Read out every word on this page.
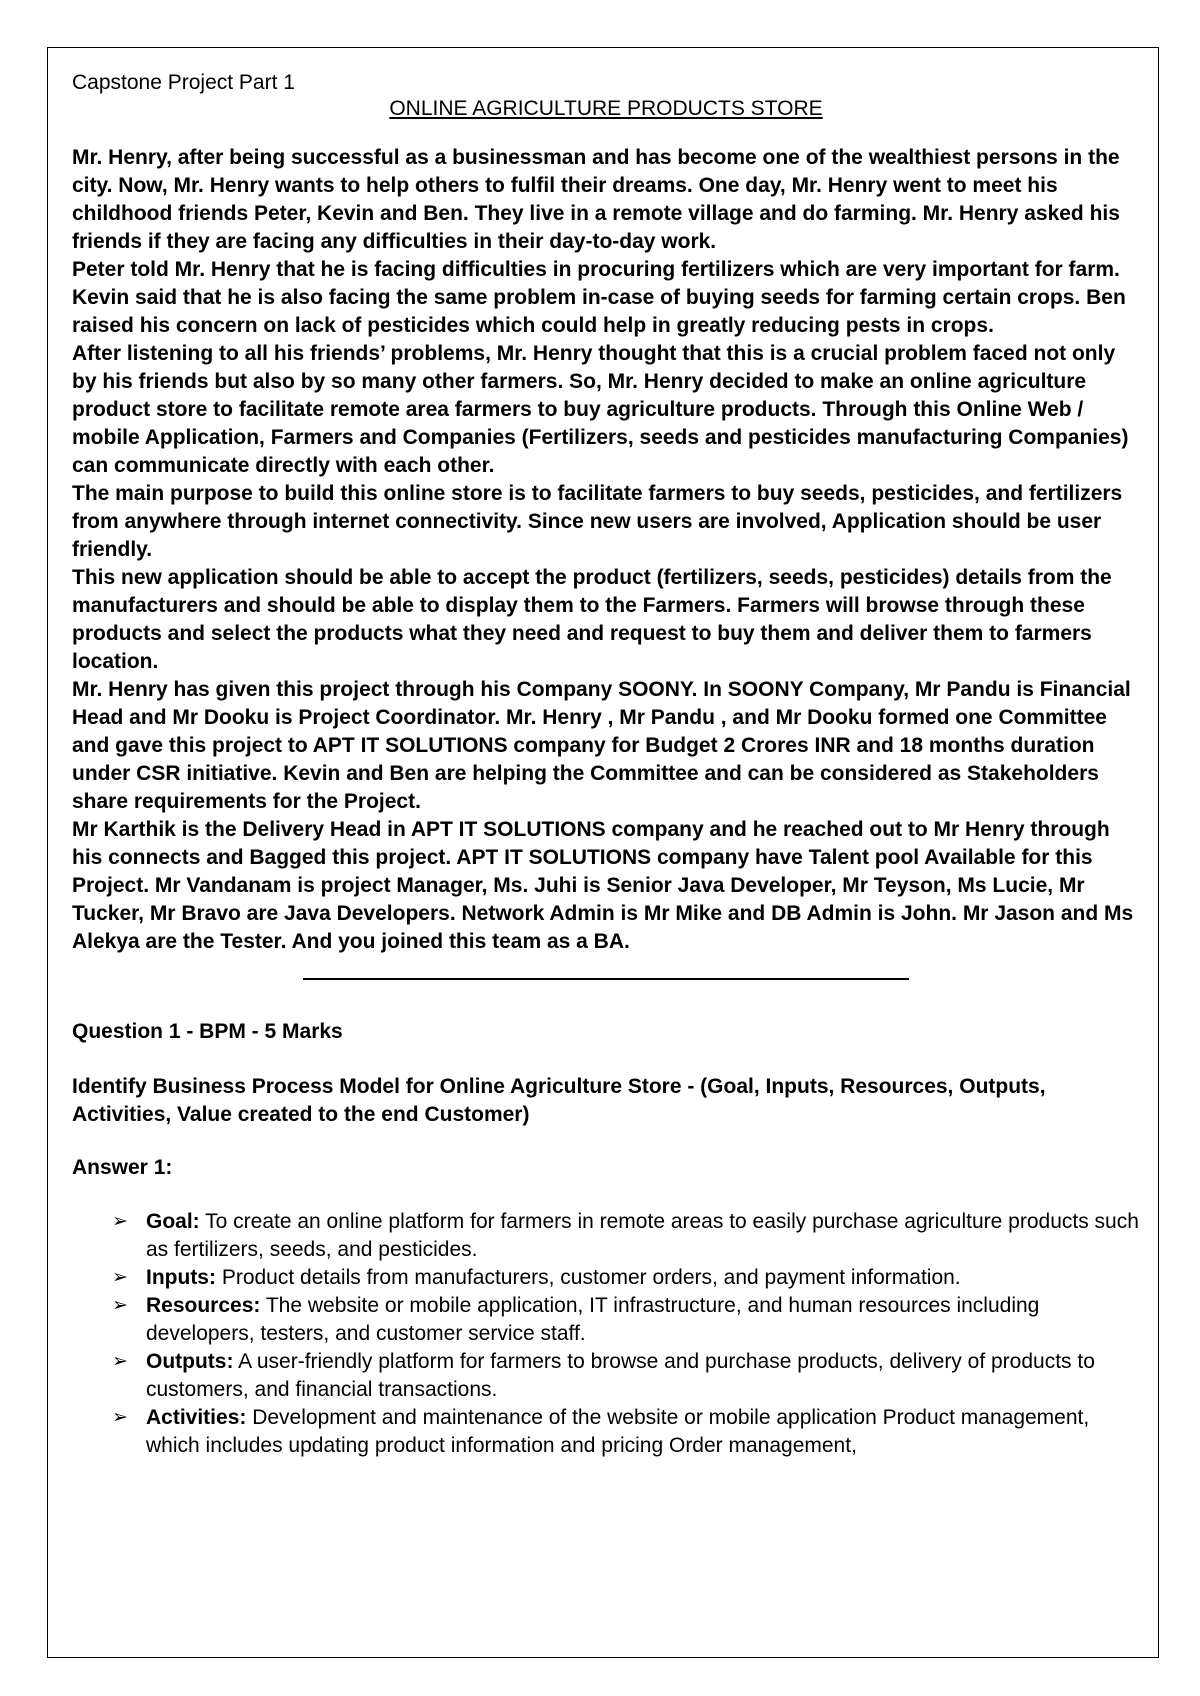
Capstone Project Part 1

ONLINE AGRICULTURE PRODUCTS STORE

Mr. Henry, after being successful as a businessman and has become one of the wealthiest persons in the city. Now, Mr. Henry wants to help others to fulfil their dreams. One day, Mr. Henry went to meet his childhood friends Peter, Kevin and Ben. They live in a remote village and do farming. Mr. Henry asked his friends if they are facing any difficulties in their day-to-day work.

Peter told Mr. Henry that he is facing difficulties in procuring fertilizers which are very important for farm. Kevin said that he is also facing the same problem in-case of buying seeds for farming certain crops. Ben raised his concern on lack of pesticides which could help in greatly reducing pests in crops.

After listening to all his friends’ problems, Mr. Henry thought that this is a crucial problem faced not only by his friends but also by so many other farmers. So, Mr. Henry decided to make an online agriculture product store to facilitate remote area farmers to buy agriculture products. Through this Online Web / mobile Application, Farmers and Companies (Fertilizers, seeds and pesticides manufacturing Companies) can communicate directly with each other.

The main purpose to build this online store is to facilitate farmers to buy seeds, pesticides, and fertilizers from anywhere through internet connectivity. Since new users are involved, Application should be user friendly.

This new application should be able to accept the product (fertilizers, seeds, pesticides) details from the manufacturers and should be able to display them to the Farmers. Farmers will browse through these products and select the products what they need and request to buy them and deliver them to farmers location.

Mr. Henry has given this project through his Company SOONY. In SOONY Company, Mr Pandu is Financial Head and Mr Dooku is Project Coordinator. Mr. Henry , Mr Pandu , and Mr Dooku formed one Committee and gave this project to APT IT SOLUTIONS company for Budget 2 Crores INR and 18 months duration under CSR initiative. Kevin and Ben are helping the Committee and can be considered as Stakeholders share requirements for the Project.

Mr Karthik is the Delivery Head in APT IT SOLUTIONS company and he reached out to Mr Henry through his connects and Bagged this project. APT IT SOLUTIONS company have Talent pool Available for this Project. Mr Vandanam is project Manager, Ms. Juhi is Senior Java Developer, Mr Teyson, Ms Lucie, Mr Tucker, Mr Bravo are Java Developers. Network Admin is Mr Mike and DB Admin is John. Mr Jason and Ms Alekya are the Tester. And you joined this team as a BA.

Question 1 - BPM - 5 Marks

Identify Business Process Model for Online Agriculture Store - (Goal, Inputs, Resources, Outputs, Activities, Value created to the end Customer)

Answer 1:

➢ Goal: To create an online platform for farmers in remote areas to easily purchase agriculture products such as fertilizers, seeds, and pesticides.
➢ Inputs: Product details from manufacturers, customer orders, and payment information.
➢ Resources: The website or mobile application, IT infrastructure, and human resources including developers, testers, and customer service staff.
➢ Outputs: A user-friendly platform for farmers to browse and purchase products, delivery of products to customers, and financial transactions.
➢ Activities: Development and maintenance of the website or mobile application Product management, which includes updating product information and pricing Order management,
